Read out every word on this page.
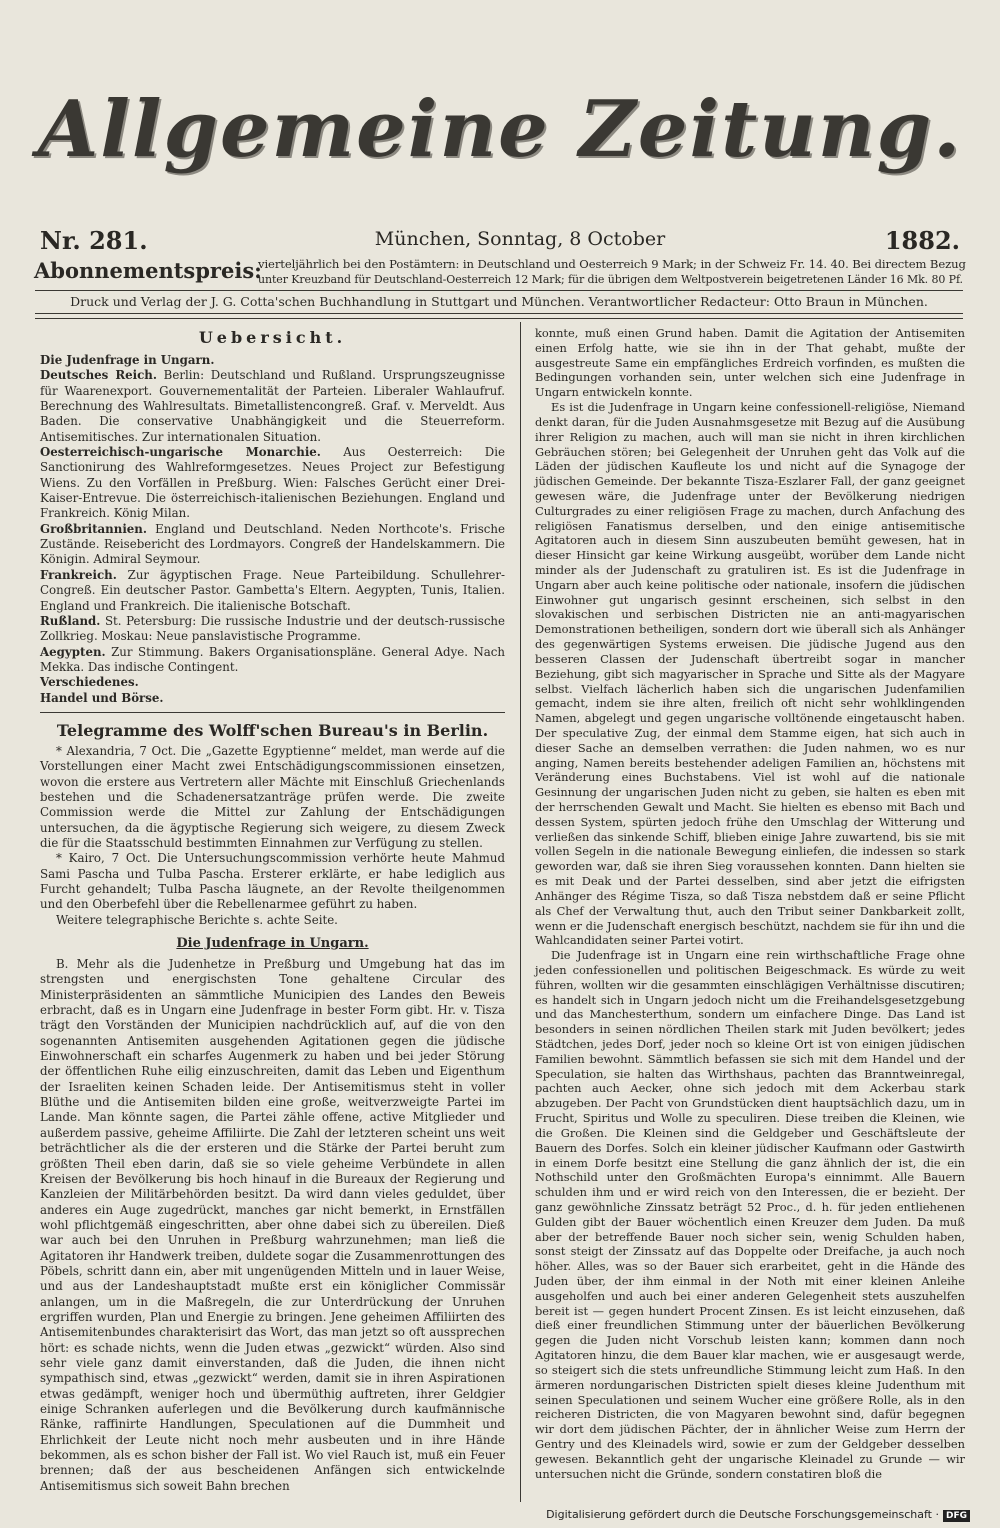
Allgemeine Zeitung.
Nr. 281.	München, Sonntag, 8 October	1882.
Abonnementspreis:
vierteljährlich bei den Postämtern: in Deutschland und Oesterreich 9 Mark; in der Schweiz Fr. 14. 40. Bei directem Bezug
unter Kreuzband für Deutschland-Oesterreich 12 Mark; für die übrigen dem Weltpostverein beigetretenen Länder 16 Mk. 80 Pf.
Druck und Verlag der J. G. Cotta'schen Buchhandlung in Stuttgart und München. Verantwortlicher Redacteur: Otto Braun in München.
Uebersicht.

Die Judenfrage in Ungarn.

Deutsches Reich. Berlin: Deutschland und Rußland. Ursprungszeugnisse für Waarenexport. Gouvernementalität der Parteien. Liberaler Wahlaufruf. Berechnung des Wahlresultats. Bimetallistencongreß. Graf. v. Merveldt. Aus Baden. Die conservative Unabhängigkeit und die Steuerreform. Antisemitisches. Zur internationalen Situation.

Oesterreichisch-ungarische Monarchie. Aus Oesterreich: Die Sanctionirung des Wahlreformgesetzes. Neues Project zur Befestigung Wiens. Zu den Vorfällen in Preßburg. Wien: Falsches Gerücht einer Drei-Kaiser-Entrevue. Die österreichisch-italienischen Beziehungen. England und Frankreich. König Milan.

Großbritannien. England und Deutschland. Neden Northcote's. Frische Zustände. Reisebericht des Lordmayors. Congreß der Handelskammern. Die Königin. Admiral Seymour.

Frankreich. Zur ägyptischen Frage. Neue Parteibildung. Schullehrer-Congreß. Ein deutscher Pastor. Gambetta's Eltern. Aegypten, Tunis, Italien. England und Frankreich. Die italienische Botschaft.

Rußland. St. Petersburg: Die russische Industrie und der deutsch-russische Zollkrieg. Moskau: Neue panslavistische Programme.

Aegypten. Zur Stimmung. Bakers Organisationspläne. General Adye. Nach Mekka. Das indische Contingent.

Verschiedenes.

Handel und Börse.

Telegramme des Wolff'schen Bureau's in Berlin.

* Alexandria, 7 Oct. Die „Gazette Egyptienne“ meldet, man werde auf die Vorstellungen einer Macht zwei Entschädigungscommissionen einsetzen, wovon die erstere aus Vertretern aller Mächte mit Einschluß Griechenlands bestehen und die Schadenersatzanträge prüfen werde. Die zweite Commission werde die Mittel zur Zahlung der Entschädigungen untersuchen, da die ägyptische Regierung sich weigere, zu diesem Zweck die für die Staatsschuld bestimmten Einnahmen zur Verfügung zu stellen.

* Kairo, 7 Oct. Die Untersuchungscommission verhörte heute Mahmud Sami Pascha und Tulba Pascha. Ersterer erklärte, er habe lediglich aus Furcht gehandelt; Tulba Pascha läugnete, an der Revolte theilgenommen und den Oberbefehl über die Rebellenarmee geführt zu haben.

Weitere telegraphische Berichte s. achte Seite.

Die Judenfrage in Ungarn.

B. Mehr als die Judenhetze in Preßburg und Umgebung hat das im strengsten und energischsten Tone gehaltene Circular des Ministerpräsidenten an sämmtliche Municipien des Landes den Beweis erbracht, daß es in Ungarn eine Judenfrage in bester Form gibt. Hr. v. Tisza trägt den Vorständen der Municipien nachdrücklich auf, auf die von den sogenannten Antisemiten ausgehenden Agitationen gegen die jüdische Einwohnerschaft ein scharfes Augenmerk zu haben und bei jeder Störung der öffentlichen Ruhe eilig einzuschreiten, damit das Leben und Eigenthum der Israeliten keinen Schaden leide. Der Antisemitismus steht in voller Blüthe und die Antisemiten bilden eine große, weitverzweigte Partei im Lande. Man könnte sagen, die Partei zähle offene, active Mitglieder und außerdem passive, geheime Affiliirte. Die Zahl der letzteren scheint uns weit beträchtlicher als die der ersteren und die Stärke der Partei beruht zum größten Theil eben darin, daß sie so viele geheime Verbündete in allen Kreisen der Bevölkerung bis hoch hinauf in die Bureaux der Regierung und Kanzleien der Militärbehörden besitzt. Da wird dann vieles geduldet, über anderes ein Auge zugedrückt, manches gar nicht bemerkt, in Ernstfällen wohl pflichtgemäß eingeschritten, aber ohne dabei sich zu übereilen. Dieß war auch bei den Unruhen in Preßburg wahrzunehmen; man ließ die Agitatoren ihr Handwerk treiben, duldete sogar die Zusammenrottungen des Pöbels, schritt dann ein, aber mit ungenügenden Mitteln und in lauer Weise, und aus der Landeshauptstadt mußte erst ein königlicher Commissär anlangen, um in die Maßregeln, die zur Unterdrückung der Unruhen ergriffen wurden, Plan und Energie zu bringen. Jene geheimen Affiliirten des Antisemitenbundes charakterisirt das Wort, das man jetzt so oft aussprechen hört: es schade nichts, wenn die Juden etwas „gezwickt“ würden. Also sind sehr viele ganz damit einverstanden, daß die Juden, die ihnen nicht sympathisch sind, etwas „gezwickt“ werden, damit sie in ihren Aspirationen etwas gedämpft, weniger hoch und übermüthig auftreten, ihrer Geldgier einige Schranken auferlegen und die Bevölkerung durch kaufmännische Ränke, raffinirte Handlungen, Speculationen auf die Dummheit und Ehrlichkeit der Leute nicht noch mehr ausbeuten und in ihre Hände bekommen, als es schon bisher der Fall ist. Wo viel Rauch ist, muß ein Feuer brennen; daß der aus bescheidenen Anfängen sich entwickelnde Antisemitismus sich soweit Bahn brechen

konnte, muß einen Grund haben. Damit die Agitation der Antisemiten einen Erfolg hatte, wie sie ihn in der That gehabt, mußte der ausgestreute Same ein empfängliches Erdreich vorfinden, es mußten die Bedingungen vorhanden sein, unter welchen sich eine Judenfrage in Ungarn entwickeln konnte.

Es ist die Judenfrage in Ungarn keine confessionell-religiöse, Niemand denkt daran, für die Juden Ausnahmsgesetze mit Bezug auf die Ausübung ihrer Religion zu machen, auch will man sie nicht in ihren kirchlichen Gebräuchen stören; bei Gelegenheit der Unruhen geht das Volk auf die Läden der jüdischen Kaufleute los und nicht auf die Synagoge der jüdischen Gemeinde. Der bekannte Tisza-Eszlarer Fall, der ganz geeignet gewesen wäre, die Judenfrage unter der Bevölkerung niedrigen Culturgrades zu einer religiösen Frage zu machen, durch Anfachung des religiösen Fanatismus derselben, und den einige antisemitische Agitatoren auch in diesem Sinn auszubeuten bemüht gewesen, hat in dieser Hinsicht gar keine Wirkung ausgeübt, worüber dem Lande nicht minder als der Judenschaft zu gratuliren ist. Es ist die Judenfrage in Ungarn aber auch keine politische oder nationale, insofern die jüdischen Einwohner gut ungarisch gesinnt erscheinen, sich selbst in den slovakischen und serbischen Districten nie an anti-magyarischen Demonstrationen betheiligen, sondern dort wie überall sich als Anhänger des gegenwärtigen Systems erweisen. Die jüdische Jugend aus den besseren Classen der Judenschaft übertreibt sogar in mancher Beziehung, gibt sich magyarischer in Sprache und Sitte als der Magyare selbst. Vielfach lächerlich haben sich die ungarischen Judenfamilien gemacht, indem sie ihre alten, freilich oft nicht sehr wohlklingenden Namen, abgelegt und gegen ungarische volltönende eingetauscht haben. Der speculative Zug, der einmal dem Stamme eigen, hat sich auch in dieser Sache an demselben verrathen: die Juden nahmen, wo es nur anging, Namen bereits bestehender adeligen Familien an, höchstens mit Veränderung eines Buchstabens. Viel ist wohl auf die nationale Gesinnung der ungarischen Juden nicht zu geben, sie halten es eben mit der herrschenden Gewalt und Macht. Sie hielten es ebenso mit Bach und dessen System, spürten jedoch frühe den Umschlag der Witterung und verließen das sinkende Schiff, blieben einige Jahre zuwartend, bis sie mit vollen Segeln in die nationale Bewegung einliefen, die indessen so stark geworden war, daß sie ihren Sieg voraussehen konnten. Dann hielten sie es mit Deak und der Partei desselben, sind aber jetzt die eifrigsten Anhänger des Régime Tisza, so daß Tisza nebstdem daß er seine Pflicht als Chef der Verwaltung thut, auch den Tribut seiner Dankbarkeit zollt, wenn er die Judenschaft energisch beschützt, nachdem sie für ihn und die Wahlcandidaten seiner Partei votirt.

Die Judenfrage ist in Ungarn eine rein wirthschaftliche Frage ohne jeden confessionellen und politischen Beigeschmack. Es würde zu weit führen, wollten wir die gesammten einschlägigen Verhältnisse discutiren; es handelt sich in Ungarn jedoch nicht um die Freihandelsgesetzgebung und das Manchesterthum, sondern um einfachere Dinge. Das Land ist besonders in seinen nördlichen Theilen stark mit Juden bevölkert; jedes Städtchen, jedes Dorf, jeder noch so kleine Ort ist von einigen jüdischen Familien bewohnt. Sämmtlich befassen sie sich mit dem Handel und der Speculation, sie halten das Wirthshaus, pachten das Branntweinregal, pachten auch Aecker, ohne sich jedoch mit dem Ackerbau stark abzugeben. Der Pacht von Grundstücken dient hauptsächlich dazu, um in Frucht, Spiritus und Wolle zu speculiren. Diese treiben die Kleinen, wie die Großen. Die Kleinen sind die Geldgeber und Geschäftsleute der Bauern des Dorfes. Solch ein kleiner jüdischer Kaufmann oder Gastwirth in einem Dorfe besitzt eine Stellung die ganz ähnlich der ist, die ein Nothschild unter den Großmächten Europa's einnimmt. Alle Bauern schulden ihm und er wird reich von den Interessen, die er bezieht. Der ganz gewöhnliche Zinssatz beträgt 52 Proc., d. h. für jeden entliehenen Gulden gibt der Bauer wöchentlich einen Kreuzer dem Juden. Da muß aber der betreffende Bauer noch sicher sein, wenig Schulden haben, sonst steigt der Zinssatz auf das Doppelte oder Dreifache, ja auch noch höher. Alles, was so der Bauer sich erarbeitet, geht in die Hände des Juden über, der ihm einmal in der Noth mit einer kleinen Anleihe ausgeholfen und auch bei einer anderen Gelegenheit stets auszuhelfen bereit ist — gegen hundert Procent Zinsen. Es ist leicht einzusehen, daß dieß einer freundlichen Stimmung unter der bäuerlichen Bevölkerung gegen die Juden nicht Vorschub leisten kann; kommen dann noch Agitatoren hinzu, die dem Bauer klar machen, wie er ausgesaugt werde, so steigert sich die stets unfreundliche Stimmung leicht zum Haß. In den ärmeren nordungarischen Districten spielt dieses kleine Judenthum mit seinen Speculationen und seinem Wucher eine größere Rolle, als in den reicheren Districten, die von Magyaren bewohnt sind, dafür begegnen wir dort dem jüdischen Pächter, der in ähnlicher Weise zum Herrn der Gentry und des Kleinadels wird, sowie er zum der Geldgeber desselben gewesen. Bekanntlich geht der ungarische Kleinadel zu Grunde — wir untersuchen nicht die Gründe, sondern constatiren bloß die

Digitalisierung gefördert durch die Deutsche Forschungsgemeinschaft · DFG
